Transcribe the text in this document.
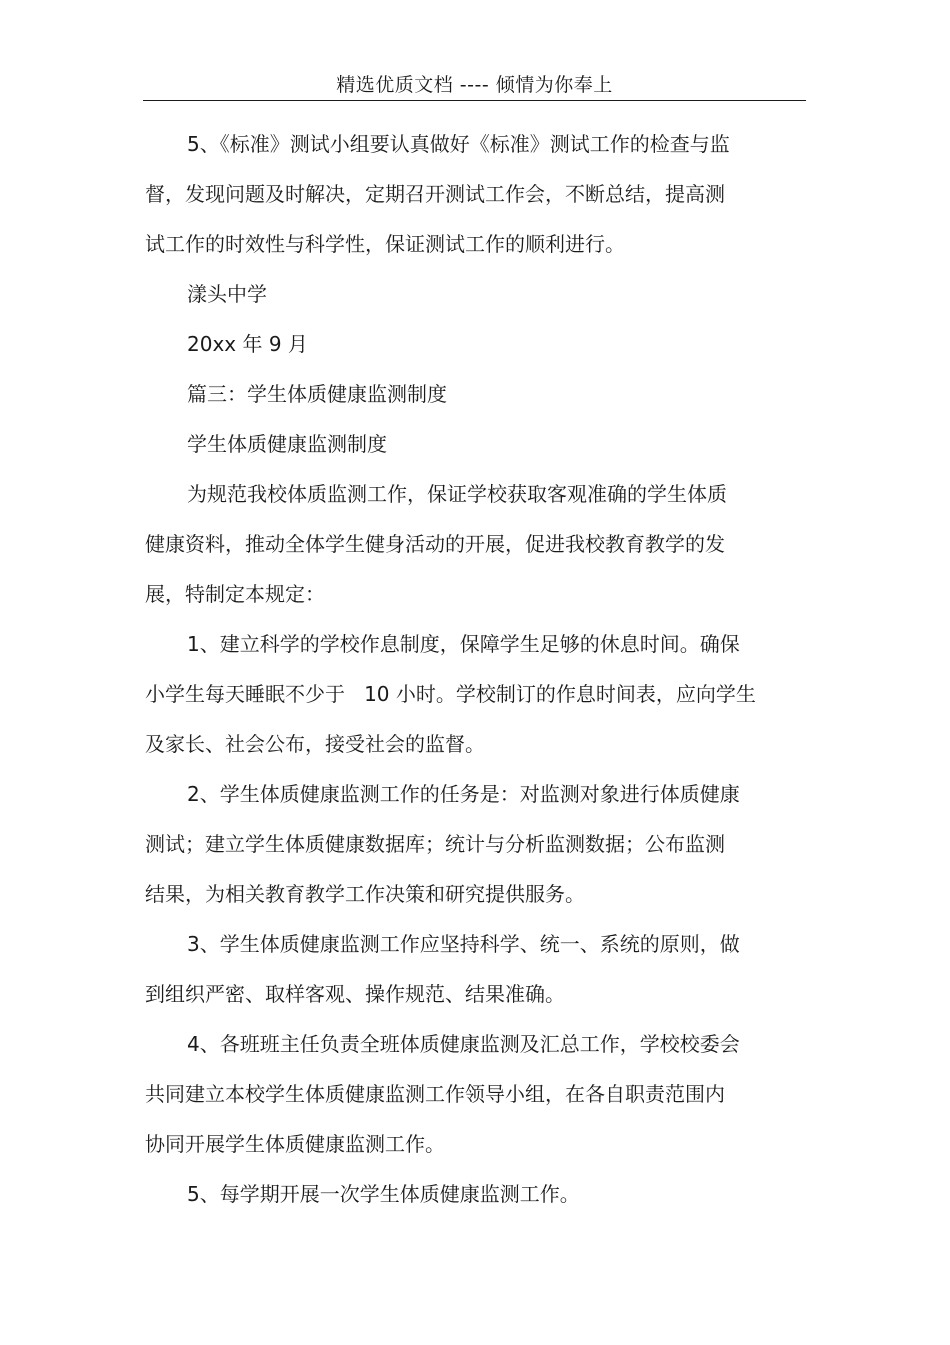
精选优质文档 ---- 倾情为你奉上

5、《标准》测试小组要认真做好《标准》测试工作的检查与监
督，发现问题及时解决，定期召开测试工作会，不断总结，提高测
试工作的时效性与科学性，保证测试工作的顺利进行。

漾头中学

20xx 年 9 月

篇三：学生体质健康监测制度

学生体质健康监测制度

为规范我校体质监测工作，保证学校获取客观准确的学生体质
健康资料，推动全体学生健身活动的开展，促进我校教育教学的发
展，特制定本规定：

1、建立科学的学校作息制度，保障学生足够的休息时间。确保
小学生每天睡眠不少于   10 小时。学校制订的作息时间表，应向学生
及家长、社会公布，接受社会的监督。

2、学生体质健康监测工作的任务是：对监测对象进行体质健康
测试；建立学生体质健康数据库；统计与分析监测数据；公布监测
结果，为相关教育教学工作决策和研究提供服务。

3、学生体质健康监测工作应坚持科学、统一、系统的原则，做
到组织严密、取样客观、操作规范、结果准确。

4、各班班主任负责全班体质健康监测及汇总工作，学校校委会
共同建立本校学生体质健康监测工作领导小组，在各自职责范围内
协同开展学生体质健康监测工作。

5、每学期开展一次学生体质健康监测工作。
